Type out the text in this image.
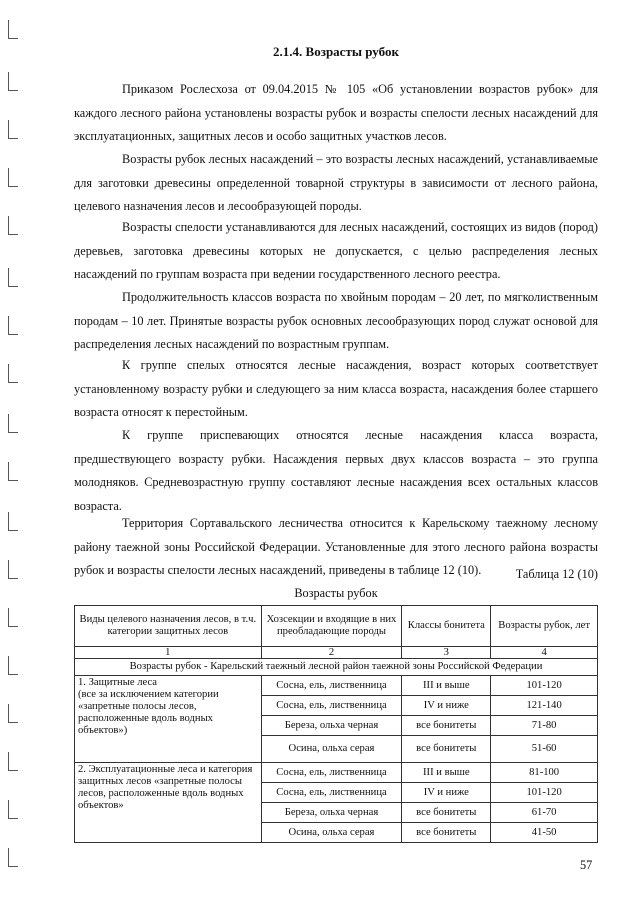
2.1.4. Возрасты рубок

Приказом Рослесхоза от 09.04.2015 № 105 «Об установлении возрастов рубок» для каждого лесного района установлены возрасты рубок и возрасты спелости лесных насаждений для эксплуатационных, защитных лесов и особо защитных участков лесов.

Возрасты рубок лесных насаждений – это возрасты лесных насаждений, устанавливаемые для заготовки древесины определенной товарной структуры в зависимости от лесного района, целевого назначения лесов и лесообразующей породы.

Возрасты спелости устанавливаются для лесных насаждений, состоящих из видов (пород) деревьев, заготовка древесины которых не допускается, с целью распределения лесных насаждений по группам возраста при ведении государственного лесного реестра.

Продолжительность классов возраста по хвойным породам – 20 лет, по мягколиственным породам – 10 лет. Принятые возрасты рубок основных лесообразующих пород служат основой для распределения лесных насаждений по возрастным группам.

К группе спелых относятся лесные насаждения, возраст которых соответствует установленному возрасту рубки и следующего за ним класса возраста, насаждения более старшего возраста относят к перестойным.

К группе приспевающих относятся лесные насаждения класса возраста, предшествующего возрасту рубки. Насаждения первых двух классов возраста – это группа молодняков. Средневозрастную группу составляют лесные насаждения всех остальных классов возраста.

Территория Сортавальского лесничества относится к Карельскому таежному лесному району таежной зоны Российской Федерации. Установленные для этого лесного района возрасты рубок и возрасты спелости лесных насаждений, приведены в таблице 12 (10).	Таблица 12 (10)
Возрасты рубок
Виды целевого назначения лесов, в т.ч. категории защитных лесов	Хозсекции и входящие в них преобладающие породы	Классы бонитета	Возрасты рубок, лет
1	2	3	4
Возрасты рубок - Карельский таежный лесной район таежной зоны Российской Федерации			
1. Защитные леса
(все за исключением категории «запретные полосы лесов, расположенные вдоль водных объектов»)	Сосна, ель, лиственница	III и выше	101-120
	Сосна, ель, лиственница	IV и ниже	121-140
	Береза, ольха черная	все бонитеты	71-80
	Осина, ольха серая	все бонитеты	51-60
2. Эксплуатационные леса и категория защитных лесов «запретные полосы лесов, расположенные вдоль водных объектов»	Сосна, ель, лиственница	III и выше	81-100
	Сосна, ель, лиственница	IV и ниже	101-120
	Береза, ольха черная	все бонитеты	61-70
	Осина, ольха серая	все бонитеты	41-50
57
